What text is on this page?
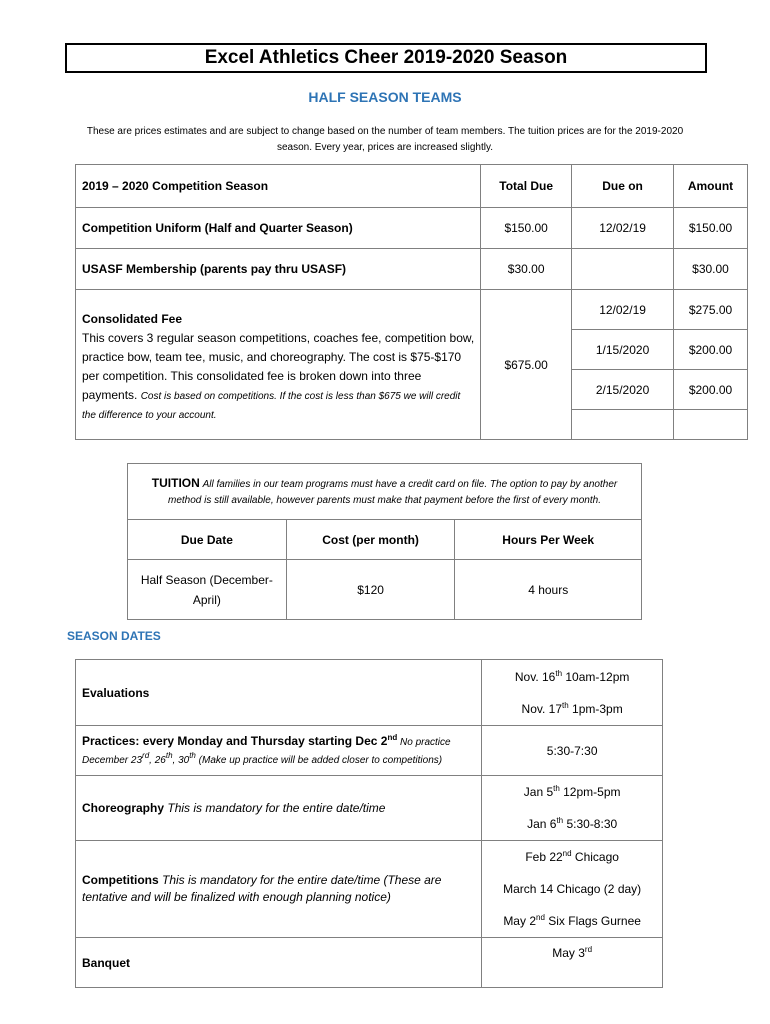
Excel Athletics Cheer 2019-2020 Season
HALF SEASON TEAMS
These are prices estimates and are subject to change based on the number of team members. The tuition prices are for the 2019-2020
season. Every year, prices are increased slightly.
2019 – 2020 Competition Season	Total Due	Due on	Amount
Competition Uniform (Half and Quarter Season)	$150.00	12/02/19	$150.00
USASF Membership (parents pay thru USASF)	$30.00		$30.00

Consolidated Fee
This covers 3 regular season competitions, coaches fee, competition bow, practice bow, team tee, music, and choreography. The cost is $75-$170 per competition. This consolidated fee is broken down into three payments. Cost is based on competitions. If the cost is less than $675 we will credit the difference to your account.	$675.00	12/02/19	$275.00
		1/15/2020	$200.00
		2/15/2020	$200.00

TUITION All families in our team programs must have a credit card on file. The option to pay by another method is still available, however parents must make that payment before the first of every month.		
Due Date	Cost (per month)	Hours Per Week
Half Season (December-April)	$120	4 hours
SEASON DATES
Evaluations	Nov. 16th 10am-12pm
Nov. 17th 1pm-3pm

Practices: every Monday and Thursday starting Dec 2nd No practice
December 23rd, 26th, 30th (Make up practice will be added closer to competitions)	5:30-7:30
Choreography This is mandatory for the entire date/time	Jan 5th 12pm-5pm
Jan 6th 5:30-8:30

Competitions This is mandatory for the entire date/time (These are tentative and will be finalized with enough planning notice)	Feb 22nd Chicago
March 14 Chicago (2 day)
May 2nd Six Flags Gurnee

Banquet	May 3rd
